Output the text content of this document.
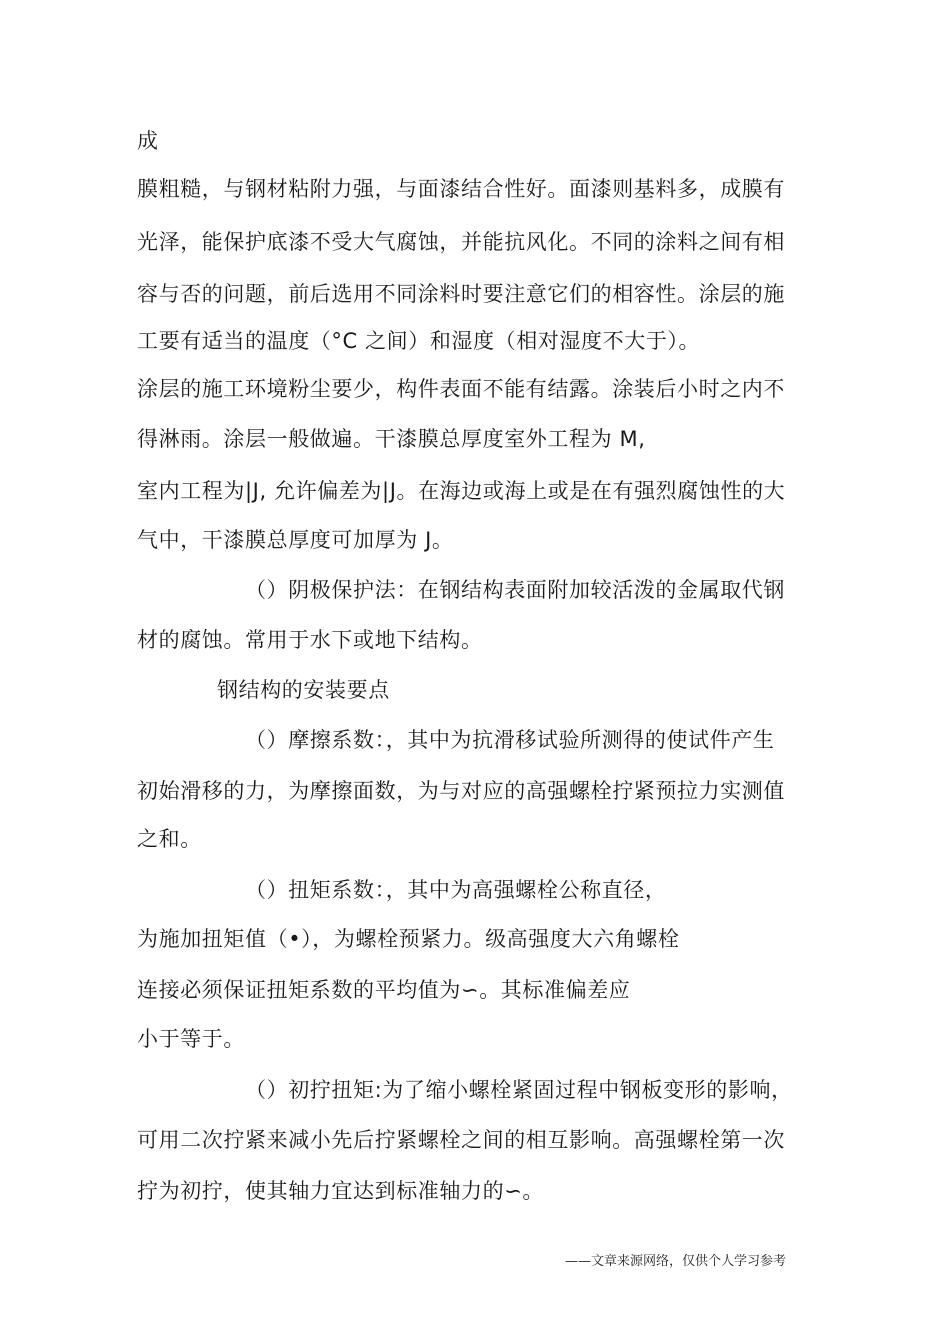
成
膜粗糙，与钢材粘附力强，与面漆结合性好。面漆则基料多，成膜有
光泽，能保护底漆不受大气腐蚀，并能抗风化。不同的涂料之间有相
容与否的问题，前后选用不同涂料时要注意它们的相容性。涂层的施
工要有适当的温度（°C 之间）和湿度（相对湿度不大于）。
涂层的施工环境粉尘要少，构件表面不能有结露。涂装后小时之内不
得淋雨。涂层一般做遍。干漆膜总厚度室外工程为 M,
室内工程为|J, 允许偏差为|J。在海边或海上或是在有强烈腐蚀性的大
气中，干漆膜总厚度可加厚为 J。
（）阴极保护法：在钢结构表面附加较活泼的金属取代钢
材的腐蚀。常用于水下或地下结构。
钢结构的安装要点
（）摩擦系数：，其中为抗滑移试验所测得的使试件产生
初始滑移的力，为摩擦面数，为与对应的高强螺栓拧紧预拉力实测值
之和。
（）扭矩系数：，其中为高强螺栓公称直径，
为施加扭矩值（•），为螺栓预紧力。级高强度大六角螺栓
连接必须保证扭矩系数的平均值为∽。其标准偏差应
小于等于。
（）初拧扭矩:为了缩小螺栓紧固过程中钢板变形的影响，
可用二次拧紧来减小先后拧紧螺栓之间的相互影响。高强螺栓第一次
拧为初拧，使其轴力宜达到标准轴力的∽。
——文章来源网络，仅供个人学习参考
